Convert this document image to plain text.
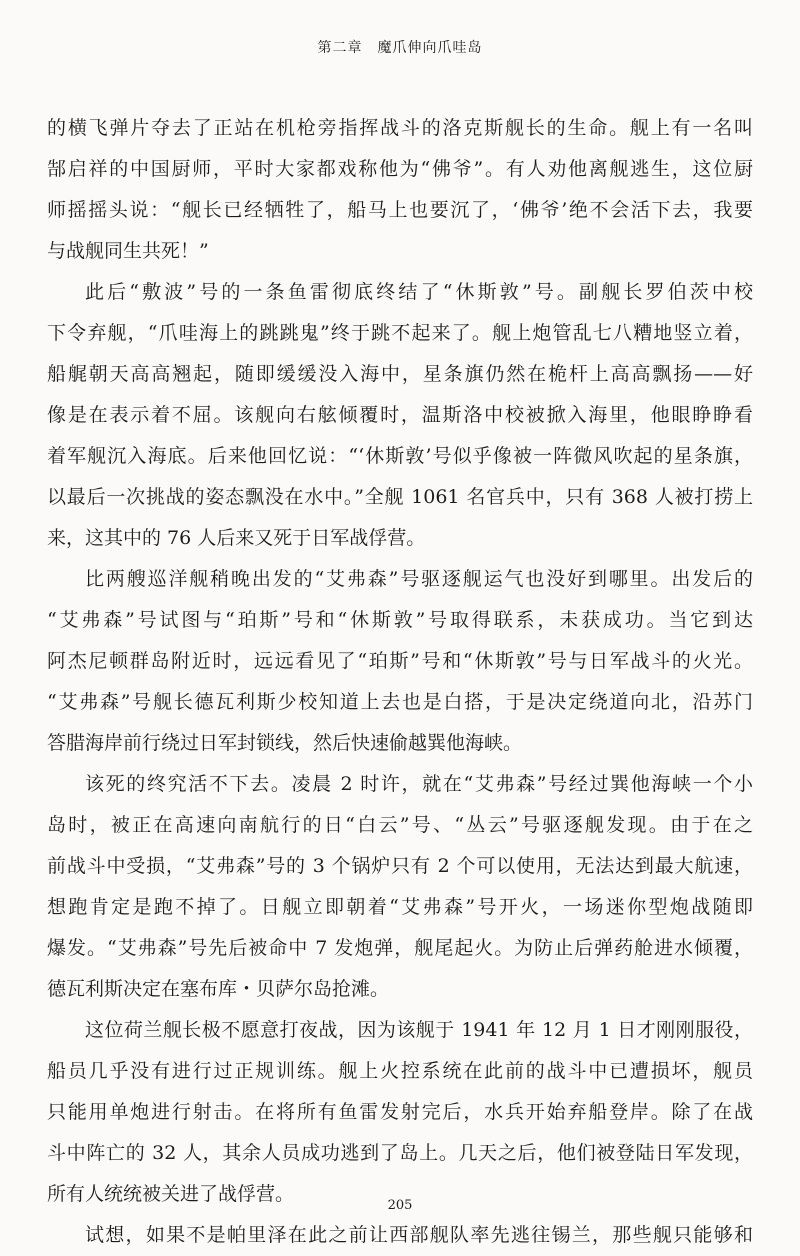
第二章　魔爪伸向爪哇岛
的横飞弹片夺去了正站在机枪旁指挥战斗的洛克斯舰长的生命。舰上有一名叫
郜启祥的中国厨师，平时大家都戏称他为“佛爷”。有人劝他离舰逃生，这位厨
师摇摇头说：“舰长已经牺牲了，船马上也要沉了，‘佛爷’绝不会活下去，我要
与战舰同生共死！”
此后“敷波”号的一条鱼雷彻底终结了“休斯敦”号。副舰长罗伯茨中校
下令弃舰，“爪哇海上的跳跳鬼”终于跳不起来了。舰上炮管乱七八糟地竖立着，
船艉朝天高高翘起，随即缓缓没入海中，星条旗仍然在桅杆上高高飘扬——好
像是在表示着不屈。该舰向右舷倾覆时，温斯洛中校被掀入海里，他眼睁睁看
着军舰沉入海底。后来他回忆说：“‘休斯敦’号似乎像被一阵微风吹起的星条旗，
以最后一次挑战的姿态飘没在水中。”全舰 1061 名官兵中，只有 368 人被打捞上
来，这其中的 76 人后来又死于日军战俘营。
比两艘巡洋舰稍晚出发的“艾弗森”号驱逐舰运气也没好到哪里。出发后的
“艾弗森”号试图与“珀斯”号和“休斯敦”号取得联系，未获成功。当它到达
阿杰尼顿群岛附近时，远远看见了“珀斯”号和“休斯敦”号与日军战斗的火光。
“艾弗森”号舰长德瓦利斯少校知道上去也是白搭，于是决定绕道向北，沿苏门
答腊海岸前行绕过日军封锁线，然后快速偷越巽他海峡。
该死的终究活不下去。凌晨 2 时许，就在“艾弗森”号经过巽他海峡一个小
岛时，被正在高速向南航行的日“白云”号、“丛云”号驱逐舰发现。由于在之
前战斗中受损，“艾弗森”号的 3 个锅炉只有 2 个可以使用，无法达到最大航速，
想跑肯定是跑不掉了。日舰立即朝着“艾弗森”号开火，一场迷你型炮战随即
爆发。“艾弗森”号先后被命中 7 发炮弹，舰尾起火。为防止后弹药舱进水倾覆，
德瓦利斯决定在塞布库・贝萨尔岛抢滩。
这位荷兰舰长极不愿意打夜战，因为该舰于 1941 年 12 月 1 日才刚刚服役，
船员几乎没有进行过正规训练。舰上火控系统在此前的战斗中已遭损坏，舰员
只能用单炮进行射击。在将所有鱼雷发射完后，水兵开始弃船登岸。除了在战
斗中阵亡的 32 人，其余人员成功逃到了岛上。几天之后，他们被登陆日军发现，
所有人统统被关进了战俘营。
试想，如果不是帕里泽在此之前让西部舰队率先逃往锡兰，那些舰只能够和
205
